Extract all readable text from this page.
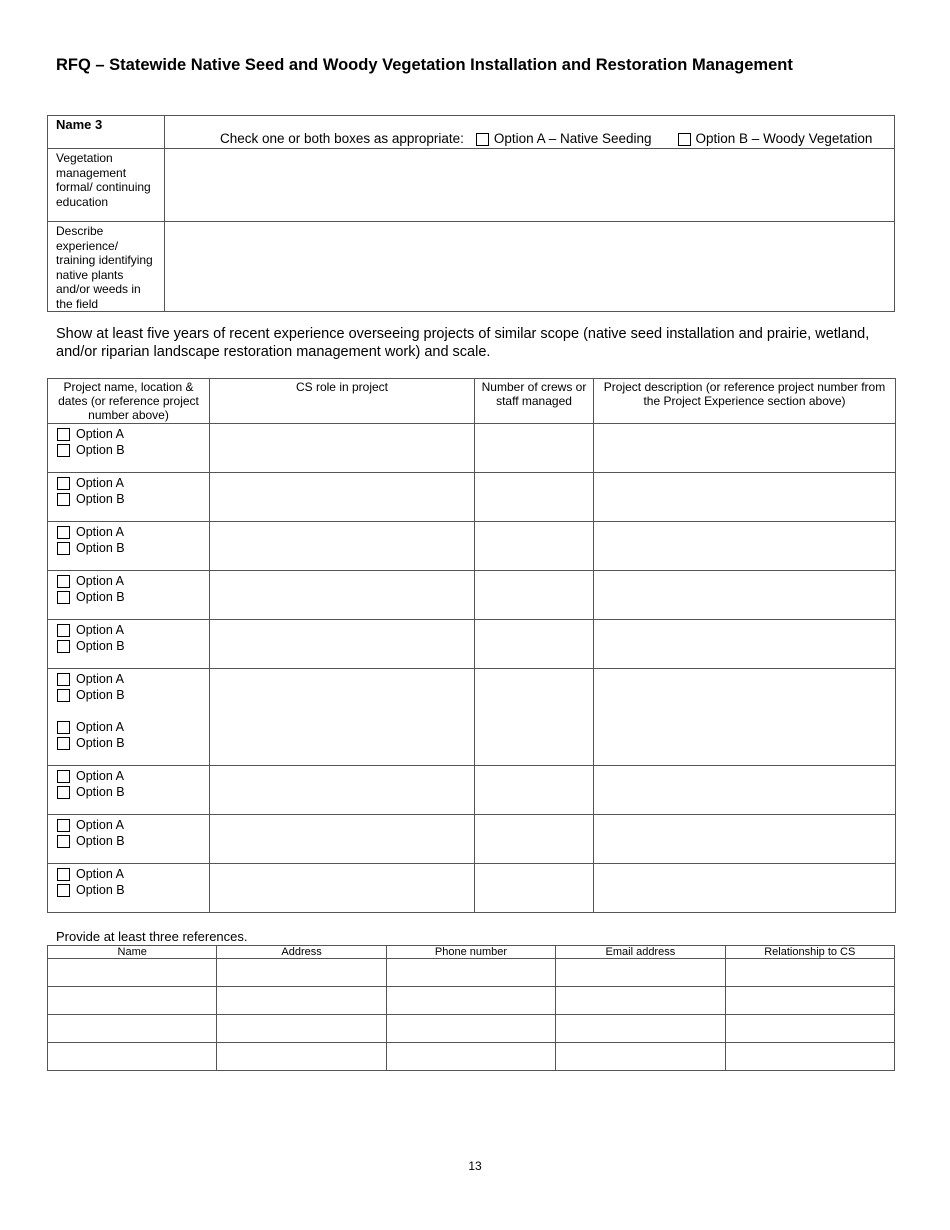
RFQ – Statewide Native Seed and Woody Vegetation Installation and Restoration Management
Name 3	Check one or both boxes as appropriate: Option A – Native Seeding Option B – Woody Vegetation

Vegetation management formal/ continuing education	
Describe experience/ training identifying native plants and/or weeds in the field	

Show at least five years of recent experience overseeing projects of similar scope (native seed installation and prairie, wetland, and/or riparian landscape restoration management work) and scale.

Project name, location & dates (or reference project number above)	CS role in project	Number of crews or staff managed	Project description (or reference project number from the Project Experience section above)

Option A
Option B			

Option A
Option B			

Option A
Option B			

Option A
Option B			

Option A
Option B			

Option A
Option B
Option A
Option B			

Option A
Option B			

Option A
Option B			

Option A
Option B			

Provide at least three references.

Name	Address	Phone number	Email address	Relationship to CS

13
